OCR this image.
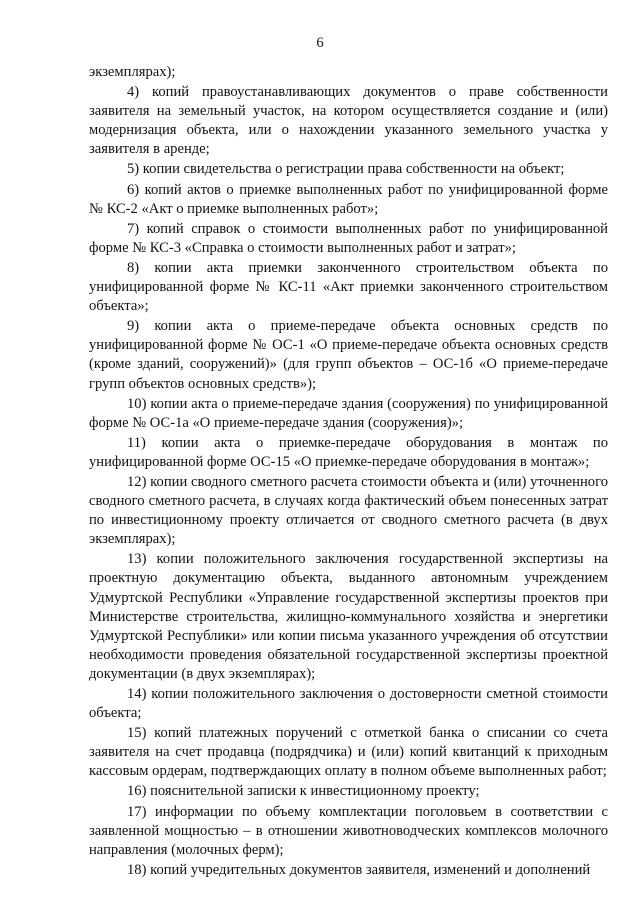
6

экземплярах);

4) копий правоустанавливающих документов о праве собственности заявителя на земельный участок, на котором осуществляется создание и (или) модернизация объекта, или о нахождении указанного земельного участка у заявителя в аренде;

5) копии свидетельства о регистрации права собственности на объект;

6) копий актов о приемке выполненных работ по унифицированной форме № КС-2 «Акт о приемке выполненных работ»;

7) копий справок о стоимости выполненных работ по унифицированной форме № КС-3 «Справка о стоимости выполненных работ и затрат»;

8) копии акта приемки законченного строительством объекта по унифицированной форме № КС-11 «Акт приемки законченного строительством объекта»;

9) копии акта о приеме-передаче объекта основных средств по унифицированной форме № ОС-1 «О приеме-передаче объекта основных средств (кроме зданий, сооружений)» (для групп объектов – ОС-1б «О приеме-передаче групп объектов основных средств»);

10) копии акта о приеме-передаче здания (сооружения) по унифицированной форме № ОС-1а «О приеме-передаче здания (сооружения)»;

11) копии акта о приемке-передаче оборудования в монтаж по унифицированной форме ОС-15 «О приемке-передаче оборудования в монтаж»;

12) копии сводного сметного расчета стоимости объекта и (или) уточненного сводного сметного расчета, в случаях когда фактический объем понесенных затрат по инвестиционному проекту отличается от сводного сметного расчета (в двух экземплярах);

13) копии положительного заключения государственной экспертизы на проектную документацию объекта, выданного автономным учреждением Удмуртской Республики «Управление государственной экспертизы проектов при Министерстве строительства, жилищно-коммунального хозяйства и энергетики Удмуртской Республики» или копии письма указанного учреждения об отсутствии необходимости проведения обязательной государственной экспертизы проектной документации (в двух экземплярах);

14) копии положительного заключения о достоверности сметной стоимости объекта;

15) копий платежных поручений с отметкой банка о списании со счета заявителя на счет продавца (подрядчика) и (или) копий квитанций к приходным кассовым ордерам, подтверждающих оплату в полном объеме выполненных работ;

16) пояснительной записки к инвестиционному проекту;

17) информации по объему комплектации поголовьем в соответствии с заявленной мощностью – в отношении животноводческих комплексов молочного направления (молочных ферм);

18) копий учредительных документов заявителя, изменений и дополнений
